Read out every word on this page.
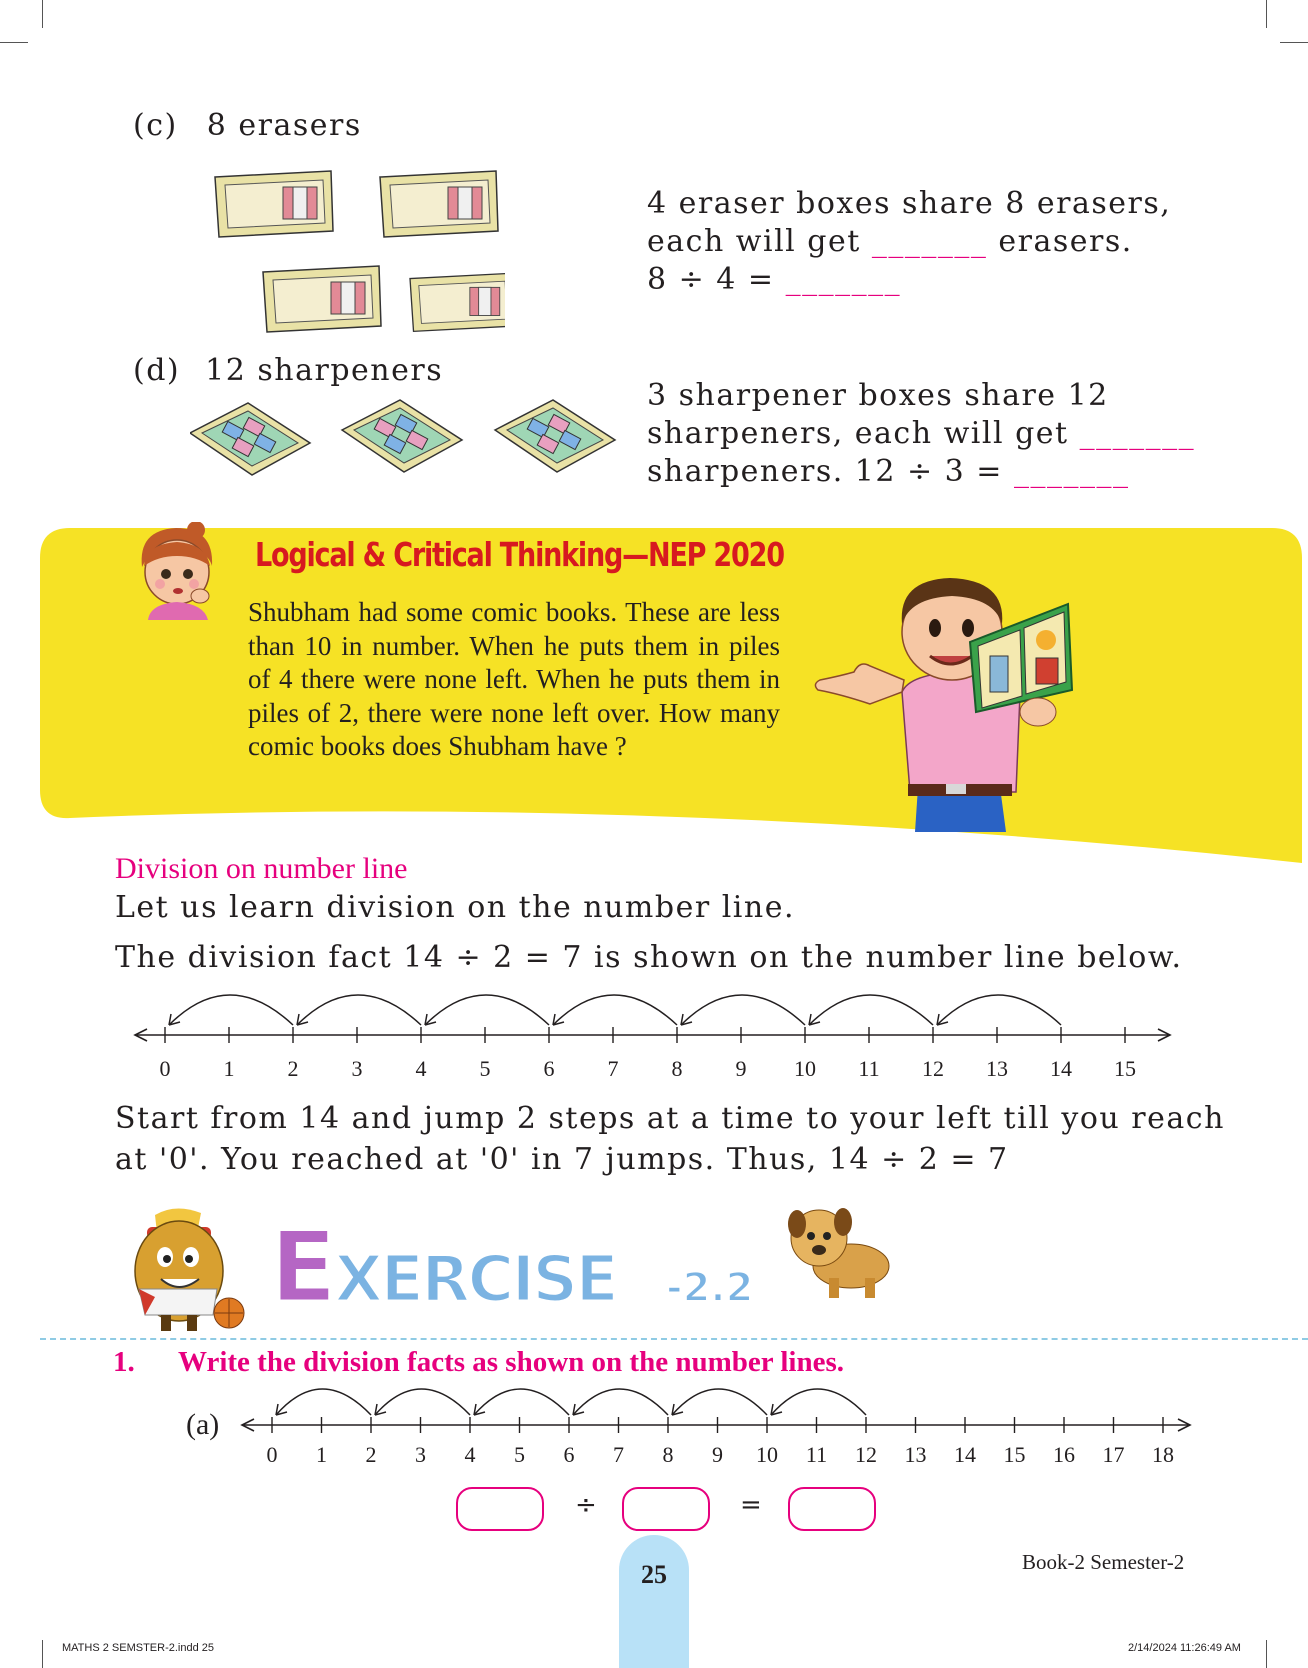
(c) 8 erasers
4 eraser boxes share 8 erasers,
each will get _______ erasers.
8 ÷ 4 = _______
(d) 12 sharpeners
3 sharpener boxes share 12
sharpeners, each will get _______
sharpeners. 12 ÷ 3 = _______
Logical & Critical Thinking—NEP 2020
Shubham had some comic books. These are less than 10 in number. When he puts them in piles of 4 there were none left. When he puts them in piles of 2, there were none left over. How many comic books does Shubham have ?
Division on number line
Let us learn division on the number line.
The division fact 14 ÷ 2 = 7 is shown on the number line below.
0 1 2 3 4 5 6 7 8 9 10 11 12 13 14 15
Start from 14 and jump 2 steps at a time to your left till you reach
at '0'. You reached at '0' in 7 jumps. Thus, 14 ÷ 2 = 7
E
XERCISE -2.2
1. Write the division facts as shown on the number lines.
(a)
0 1 2 3 4 5 6 7 8 9 10 11 12 13 14 15 16 17 18
÷	=
25	Book-2 Semester-2
MATHS 2 SEMSTER-2.indd 25	2/14/2024 11:26:49 AM
